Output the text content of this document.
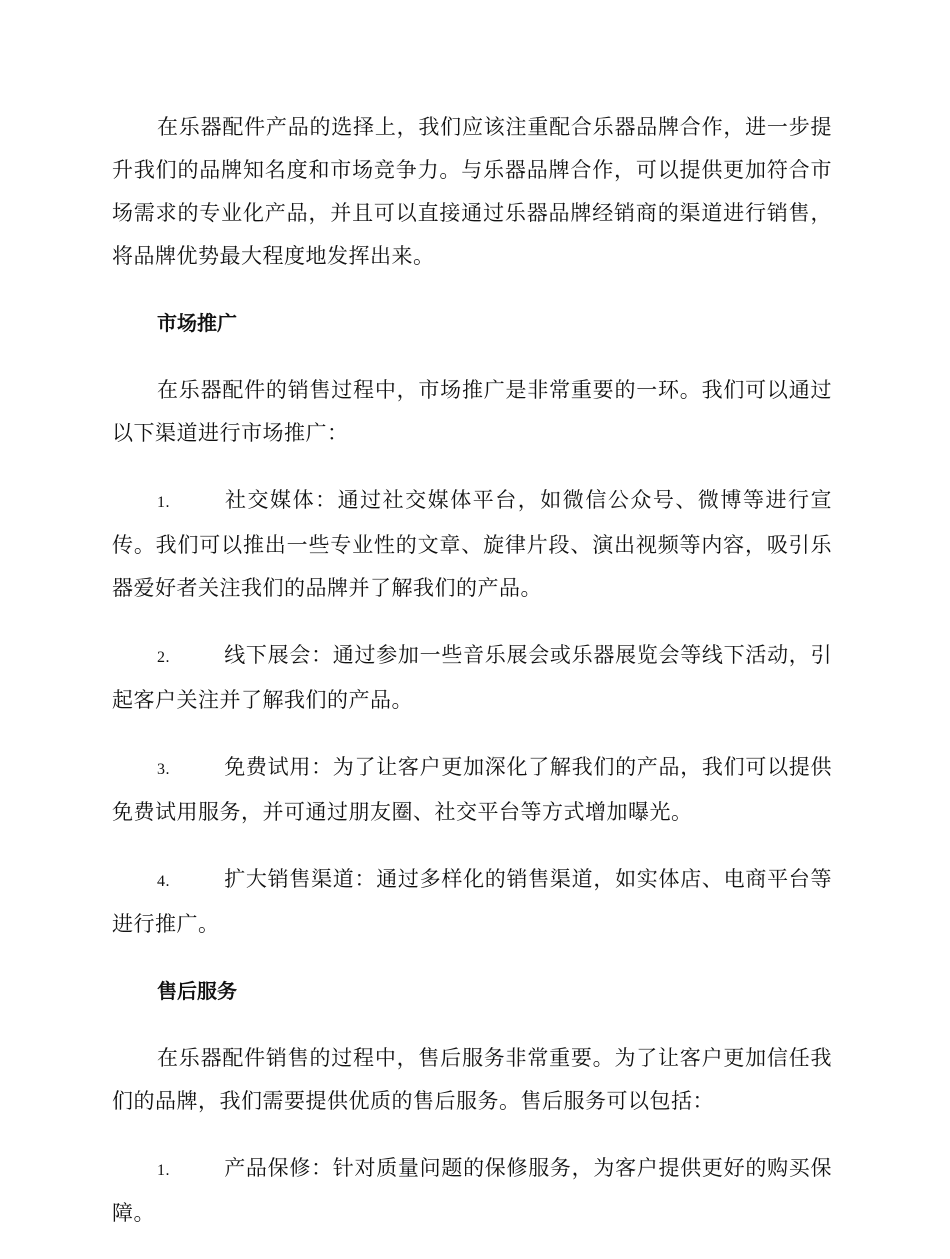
在乐器配件产品的选择上，我们应该注重配合乐器品牌合作，进一步提升我们的品牌知名度和市场竞争力。与乐器品牌合作，可以提供更加符合市场需求的专业化产品，并且可以直接通过乐器品牌经销商的渠道进行销售，将品牌优势最大程度地发挥出来。

市场推广

在乐器配件的销售过程中，市场推广是非常重要的一环。我们可以通过以下渠道进行市场推广：

1.	社交媒体：通过社交媒体平台，如微信公众号、微博等进行宣传。我们可以推出一些专业性的文章、旋律片段、演出视频等内容，吸引乐器爱好者关注我们的品牌并了解我们的产品。

2.	线下展会：通过参加一些音乐展会或乐器展览会等线下活动，引起客户关注并了解我们的产品。

3.	免费试用：为了让客户更加深化了解我们的产品，我们可以提供免费试用服务，并可通过朋友圈、社交平台等方式增加曝光。

4.	扩大销售渠道：通过多样化的销售渠道，如实体店、电商平台等进行推广。

售后服务

在乐器配件销售的过程中，售后服务非常重要。为了让客户更加信任我们的品牌，我们需要提供优质的售后服务。售后服务可以包括：

1.	产品保修：针对质量问题的保修服务，为客户提供更好的购买保障。
